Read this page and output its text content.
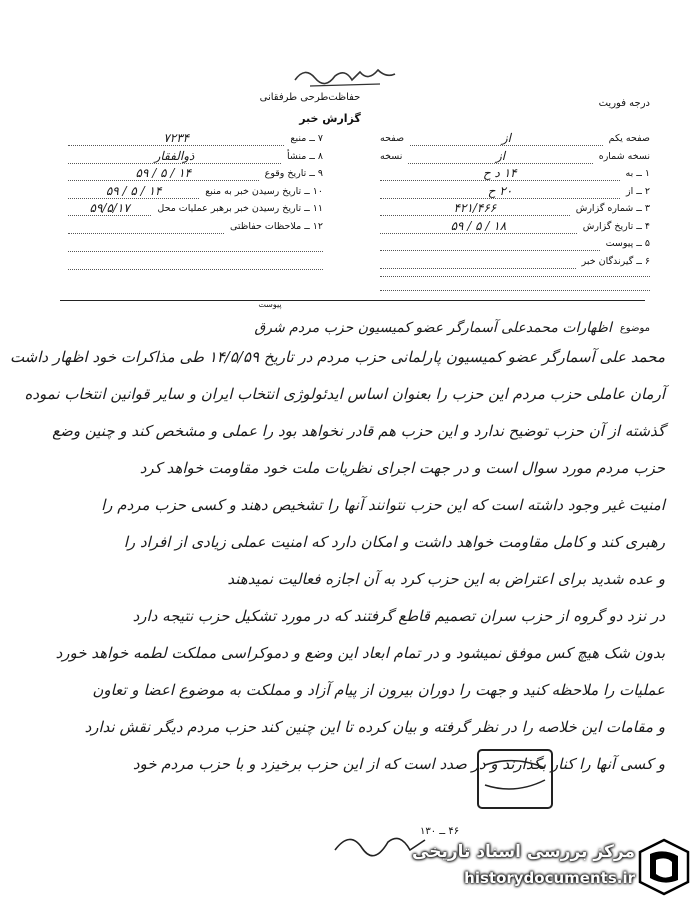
حفاظت‌طرحی طرفقانی
گزارش خبر
درجه فوریت
صفحه یکم
از
صفحه
نسخه شماره
از
نسخه
۱ ــ به
۱۴ د ح
۲ ــ از
۲۰ ح
۳ ــ شماره گزارش
۴۲۱/۴۶۶
۴ ــ تاریخ گزارش
۱۸ / ۵ / ۵۹
۵ ــ پیوست
۶ ــ گیرندگان خبر
۷ ــ منبع
۷۲۳۴
۸ ــ منشأ
ذوالفقار
۹ ــ تاریخ وقوع
۱۴ / ۵ / ۵۹
۱۰ ــ تاریخ رسیدن خبر به منبع
۱۴ / ۵ / ۵۹
۱۱ ــ تاریخ رسیدن خبر برهبر عملیات محل
۵۹/۵/۱۷
۱۲ ــ ملاحظات حفاظتی
پیوست
موضوع
اظهارات محمدعلی آسمارگر عضو کمیسیون حزب مردم شرق
محمد علی آسمارگر عضو کمیسیون پارلمانی حزب مردم در تاریخ ۱۴/۵/۵۹ طی مذاکرات خود اظهار داشت
آرمان عاملی حزب مردم این حزب را بعنوان اساس ایدئولوژی انتخاب ایران و سایر قوانین انتخاب نموده
گذشته از آن حزب توضیح ندارد و این حزب هم قادر نخواهد بود را عملی و مشخص کند و چنین وضع
حزب مردم مورد سوال است و در جهت اجرای نظریات ملت خود مقاومت خواهد کرد
امنیت غیر وجود داشته است که این حزب نتوانند آنها را تشخیص دهند و کسی حزب مردم را
رهبری کند و کامل مقاومت خواهد داشت و امکان دارد که امنیت عملی زیادی از افراد را
و عده شدید برای اعتراض به این حزب کرد به آن اجازه فعالیت نمیدهند
در نزد دو گروه از حزب سران تصمیم قاطع گرفتند که در مورد تشکیل حزب نتیجه دارد
بدون شک هیچ کس موفق نمیشود و در تمام ابعاد این وضع و دموکراسی مملکت لطمه خواهد خورد
عملیات را ملاحظه کنید و جهت را دوران بیرون از پیام آزاد و مملکت به موضوع اعضا و تعاون
و مقامات این خلاصه را در نظر گرفته و بیان کرده تا این چنین کند حزب مردم دیگر نقش ندارد
و کسی آنها را کنار بگذارند و در صدد است که از این حزب برخیزد و با حزب مردم خود
۴۶ ــ ۱۳۰
مرکز بررسی اسناد تاریخی
historydocuments.ir
